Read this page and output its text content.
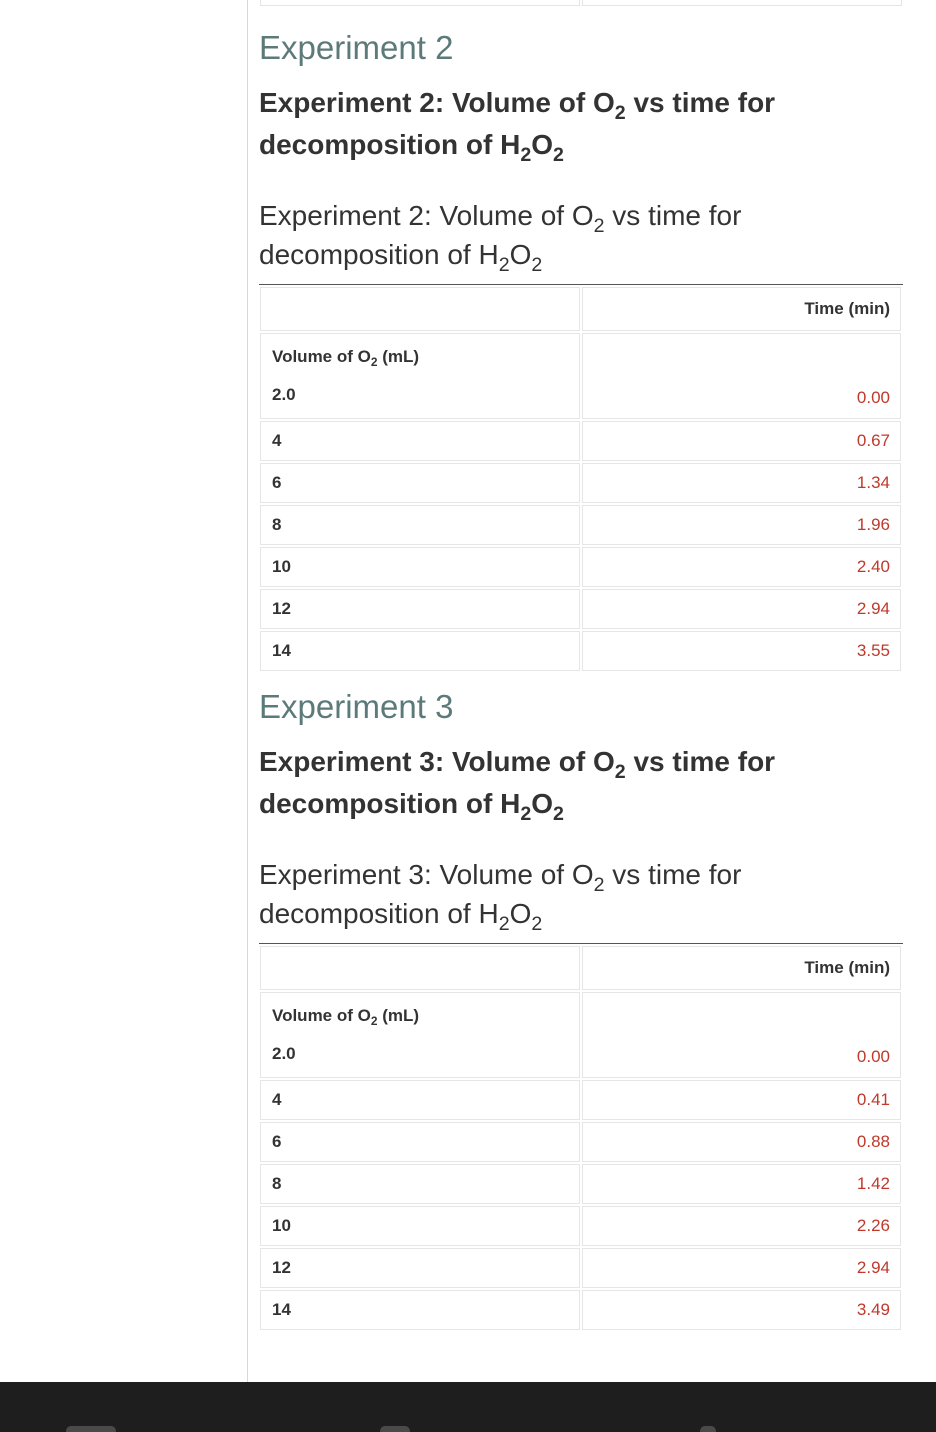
Experiment 2
Experiment 2: Volume of $O_2$ vs time for decomposition of $H_2O_2$

Experiment 2: Volume of $O_2$ vs time for decomposition of $H_2O_2$

Time (min)
Volume of $O_2$ (mL)
2.0	0.00
4	0.67
6	1.34
8	1.96
10	2.40
12	2.94
14	3.55
Experiment 3
Experiment 3: Volume of $O_2$ vs time for decomposition of $H_2O_2$

Experiment 3: Volume of $O_2$ vs time for decomposition of $H_2O_2$

Time (min)
Volume of $O_2$ (mL)
2.0	0.00
4	0.41
6	0.88
8	1.42
10	2.26
12	2.94
14	3.49
